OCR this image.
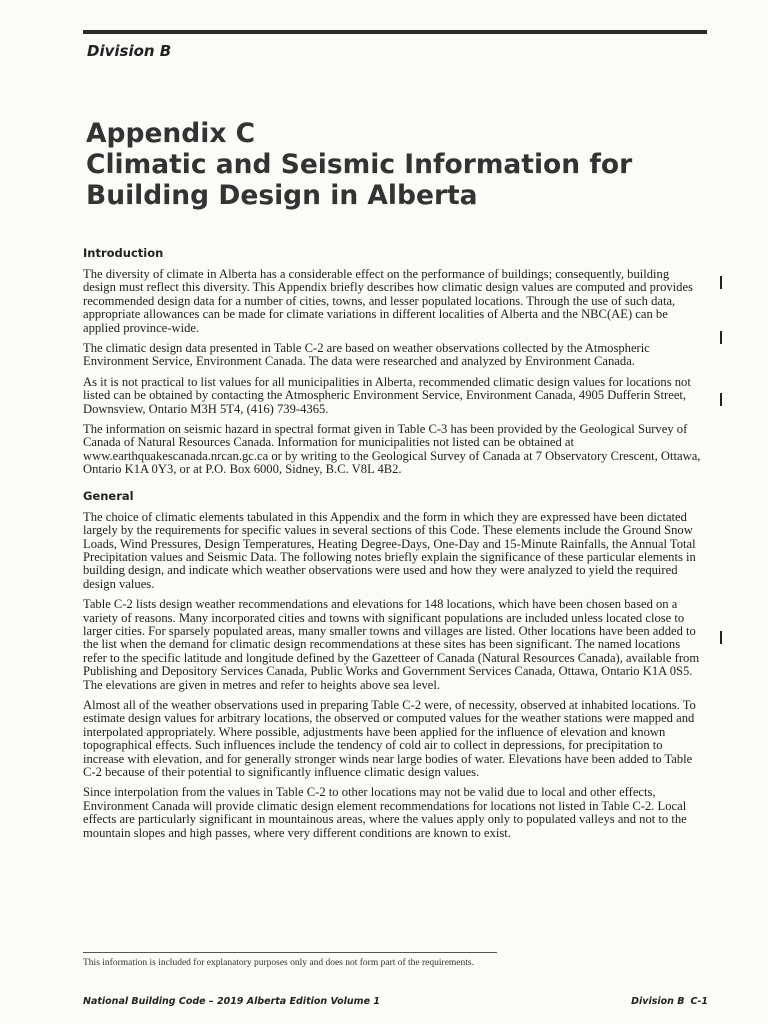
Division B
Appendix C
Climatic and Seismic Information for
Building Design in Alberta
Introduction

The diversity of climate in Alberta has a considerable effect on the performance of buildings; consequently, building design must reflect this diversity. This Appendix briefly describes how climatic design values are computed and provides recommended design data for a number of cities, towns, and lesser populated locations. Through the use of such data, appropriate allowances can be made for climate variations in different localities of Alberta and the NBC(AE) can be applied province-wide.

The climatic design data presented in Table C-2 are based on weather observations collected by the Atmospheric Environment Service, Environment Canada. The data were researched and analyzed by Environment Canada.

As it is not practical to list values for all municipalities in Alberta, recommended climatic design values for locations not listed can be obtained by contacting the Atmospheric Environment Service, Environment Canada, 4905 Dufferin Street, Downsview, Ontario M3H 5T4, (416) 739-4365.

The information on seismic hazard in spectral format given in Table C-3 has been provided by the Geological Survey of Canada of Natural Resources Canada. Information for municipalities not listed can be obtained at www.earthquakescanada.nrcan.gc.ca or by writing to the Geological Survey of Canada at 7 Observatory Crescent, Ottawa, Ontario K1A 0Y3, or at P.O. Box 6000, Sidney, B.C. V8L 4B2.

General

The choice of climatic elements tabulated in this Appendix and the form in which they are expressed have been dictated largely by the requirements for specific values in several sections of this Code. These elements include the Ground Snow Loads, Wind Pressures, Design Temperatures, Heating Degree-Days, One-Day and 15-Minute Rainfalls, the Annual Total Precipitation values and Seismic Data. The following notes briefly explain the significance of these particular elements in building design, and indicate which weather observations were used and how they were analyzed to yield the required design values.

Table C-2 lists design weather recommendations and elevations for 148 locations, which have been chosen based on a variety of reasons. Many incorporated cities and towns with significant populations are included unless located close to larger cities. For sparsely populated areas, many smaller towns and villages are listed. Other locations have been added to the list when the demand for climatic design recommendations at these sites has been significant. The named locations refer to the specific latitude and longitude defined by the Gazetteer of Canada (Natural Resources Canada), available from Publishing and Depository Services Canada, Public Works and Government Services Canada, Ottawa, Ontario K1A 0S5. The elevations are given in metres and refer to heights above sea level.

Almost all of the weather observations used in preparing Table C-2 were, of necessity, observed at inhabited locations. To estimate design values for arbitrary locations, the observed or computed values for the weather stations were mapped and interpolated appropriately. Where possible, adjustments have been applied for the influence of elevation and known topographical effects. Such influences include the tendency of cold air to collect in depressions, for precipitation to increase with elevation, and for generally stronger winds near large bodies of water. Elevations have been added to Table C-2 because of their potential to significantly influence climatic design values.

Since interpolation from the values in Table C-2 to other locations may not be valid due to local and other effects, Environment Canada will provide climatic design element recommendations for locations not listed in Table C-2. Local effects are particularly significant in mountainous areas, where the values apply only to populated valleys and not to the mountain slopes and high passes, where very different conditions are known to exist.

This information is included for explanatory purposes only and does not form part of the requirements.
National Building Code – 2019 Alberta Edition Volume 1	Division B C-1
